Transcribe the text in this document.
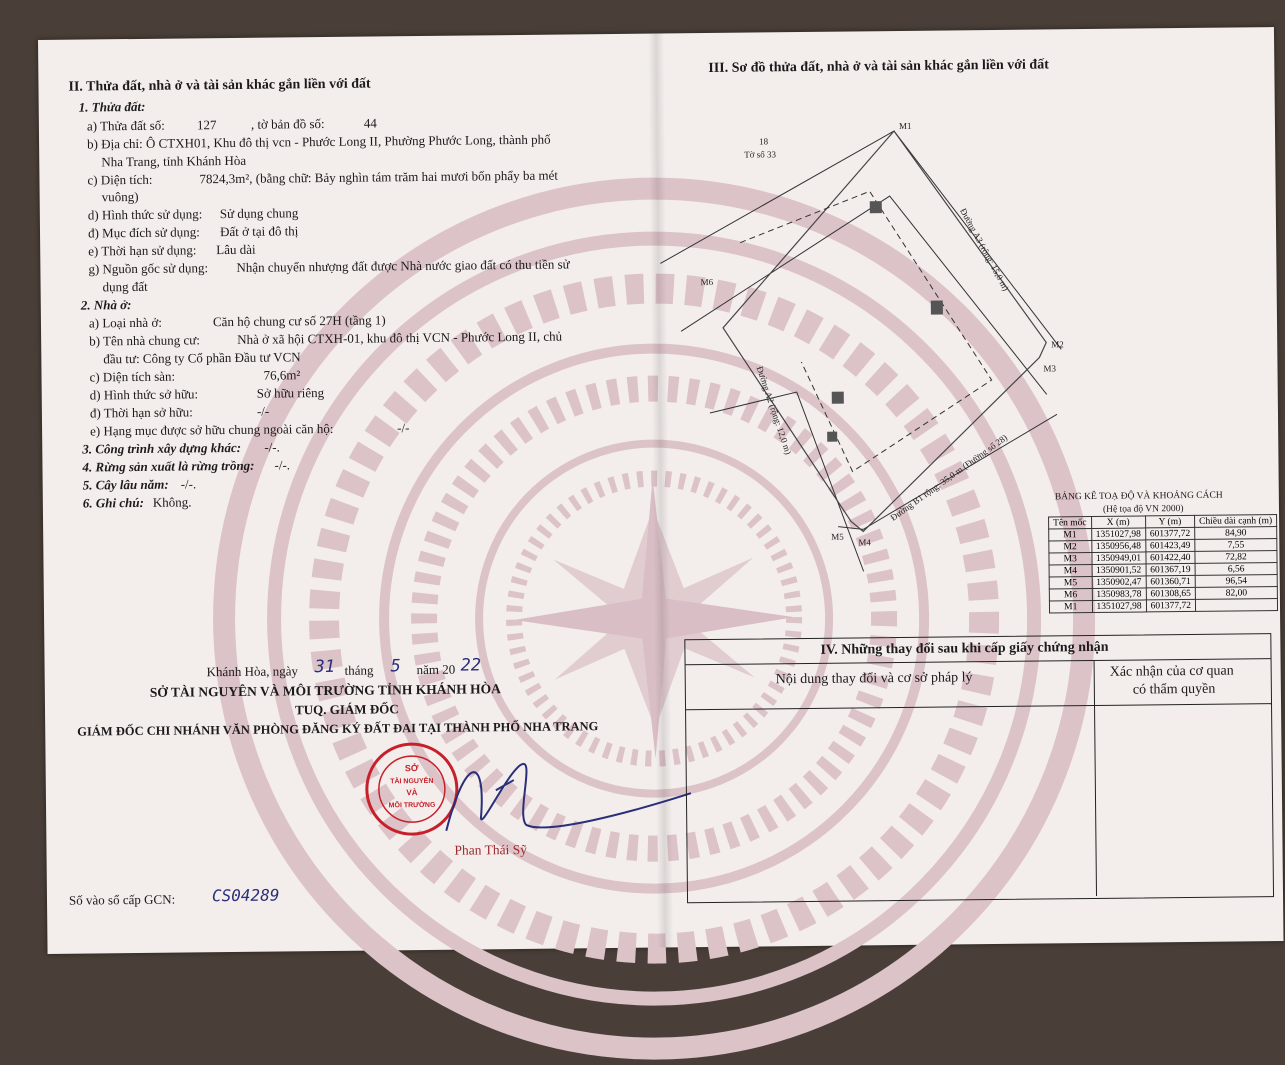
II. Thửa đất, nhà ở và tài sản khác gắn liền với đất
1. Thửa đất:
a) Thửa đất số: 127	, tờ bản đồ số:	44
b) Địa chỉ: Ô CTXH01, Khu đô thị vcn - Phước Long II, Phường Phước Long, thành phố
Nha Trang, tỉnh Khánh Hòa
c) Diện tích:	7824,3m², (bằng chữ: Bảy nghìn tám trăm hai mươi bốn phẩy ba mét
vuông)
d) Hình thức sử dụng: Sử dụng chung
đ) Mục đích sử dụng: Đất ở tại đô thị
e) Thời hạn sử dụng: Lâu dài
g) Nguồn gốc sử dụng: Nhận chuyển nhượng đất được Nhà nước giao đất có thu tiền sử
dụng đất
2. Nhà ở:
a) Loại nhà ở:	Căn hộ chung cư số 27H (tầng 1)
b) Tên nhà chung cư:	Nhà ở xã hội CTXH-01, khu đô thị VCN - Phước Long II, chủ
đầu tư: Công ty Cổ phần Đầu tư VCN
c) Diện tích sàn:	76,6m²
d) Hình thức sở hữu:	Sở hữu riêng
đ) Thời hạn sở hữu:	-/-
e) Hạng mục được sở hữu chung ngoài căn hộ:	-/-
3. Công trình xây dựng khác: -/-.
4. Rừng sản xuất là rừng trồng: -/-.
5. Cây lâu năm: -/-.
6. Ghi chú: Không.
Khánh Hòa, ngày 31 tháng 5 năm 20 22
SỞ TÀI NGUYÊN VÀ MÔI TRƯỜNG TỈNH KHÁNH HÒA
TUQ. GIÁM ĐỐC
GIÁM ĐỐC CHI NHÁNH VĂN PHÒNG ĐĂNG KÝ ĐẤT ĐAI TẠI THÀNH PHỐ NHA TRANG
SỞ
TÀI NGUYÊN
VÀ
MÔI TRƯỜNG
Phan Thái Sỹ
Số vào sổ cấp GCN: CS04289
III. Sơ đồ thửa đất, nhà ở và tài sản khác gắn liền với đất
M1
M2
M3
M4
M5
M6
18
Tờ số 33
Đường A3 (rộng: 15,0 m)
Đường A2 (rộng: 12,0 m)
Đường B1 rộng: 35,0 m (Đường số 28)	BẢNG KÊ TOẠ ĐỘ VÀ KHOẢNG CÁCH
(Hệ tọa độ VN 2000)
Tên mốc	X (m)	Y (m)	Chiều dài cạnh (m)
M1	1351027,98	601377,72	84,90
M2	1350956,48	601423,49	7,55
M3	1350949,01	601422,40	72,82
M4	1350901,52	601367,19	6,56
M5	1350902,47	601360,71	96,54
M6	1350983,78	601308,65	82,00
M1	1351027,98	601377,72	
IV. Những thay đổi sau khi cấp giấy chứng nhận
Nội dung thay đổi và cơ sở pháp lý	Xác nhận của cơ quan
có thẩm quyền
